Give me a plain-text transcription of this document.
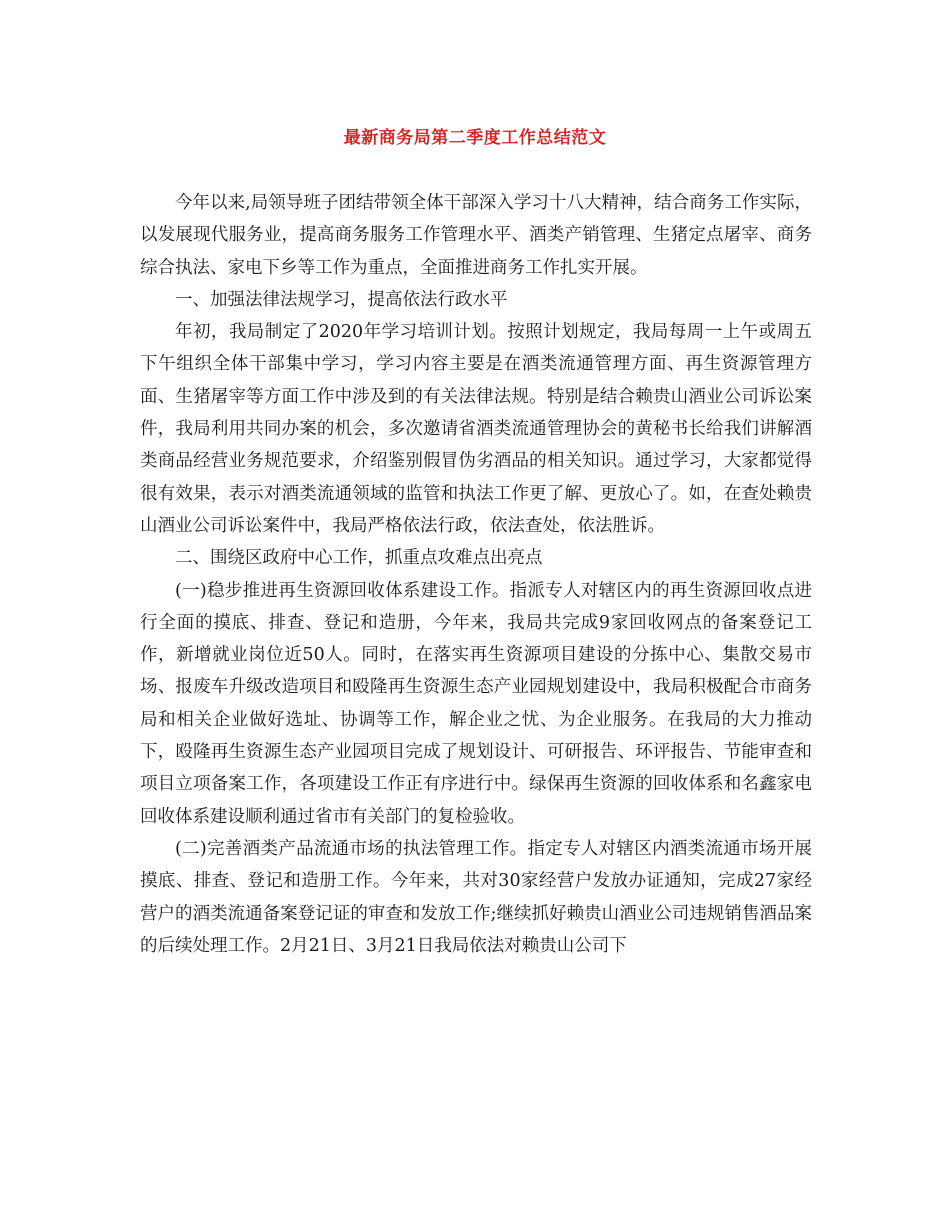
最新商务局第二季度工作总结范文

今年以来,局领导班子团结带领全体干部深入学习十八大精神，结合商务工作实际，以发展现代服务业，提高商务服务工作管理水平、酒类产销管理、生猪定点屠宰、商务综合执法、家电下乡等工作为重点，全面推进商务工作扎实开展。

一、加强法律法规学习，提高依法行政水平

年初，我局制定了2020年学习培训计划。按照计划规定，我局每周一上午或周五下午组织全体干部集中学习，学习内容主要是在酒类流通管理方面、再生资源管理方面、生猪屠宰等方面工作中涉及到的有关法律法规。特别是结合赖贵山酒业公司诉讼案件，我局利用共同办案的机会，多次邀请省酒类流通管理协会的黄秘书长给我们讲解酒类商品经营业务规范要求，介绍鉴别假冒伪劣酒品的相关知识。通过学习，大家都觉得很有效果，表示对酒类流通领域的监管和执法工作更了解、更放心了。如，在查处赖贵山酒业公司诉讼案件中，我局严格依法行政，依法查处，依法胜诉。

二、围绕区政府中心工作，抓重点攻难点出亮点

(一)稳步推进再生资源回收体系建设工作。指派专人对辖区内的再生资源回收点进行全面的摸底、排查、登记和造册，今年来，我局共完成9家回收网点的备案登记工作，新增就业岗位近50人。同时，在落实再生资源项目建设的分拣中心、集散交易市场、报废车升级改造项目和殴隆再生资源生态产业园规划建设中，我局积极配合市商务局和相关企业做好选址、协调等工作，解企业之忧、为企业服务。在我局的大力推动下，殴隆再生资源生态产业园项目完成了规划设计、可研报告、环评报告、节能审查和项目立项备案工作，各项建设工作正有序进行中。绿保再生资源的回收体系和名鑫家电回收体系建设顺利通过省市有关部门的复检验收。

(二)完善酒类产品流通市场的执法管理工作。指定专人对辖区内酒类流通市场开展摸底、排查、登记和造册工作。今年来，共对30家经营户发放办证通知，完成27家经营户的酒类流通备案登记证的审查和发放工作;继续抓好赖贵山酒业公司违规销售酒品案的后续处理工作。2月21日、3月21日我局依法对赖贵山公司下
